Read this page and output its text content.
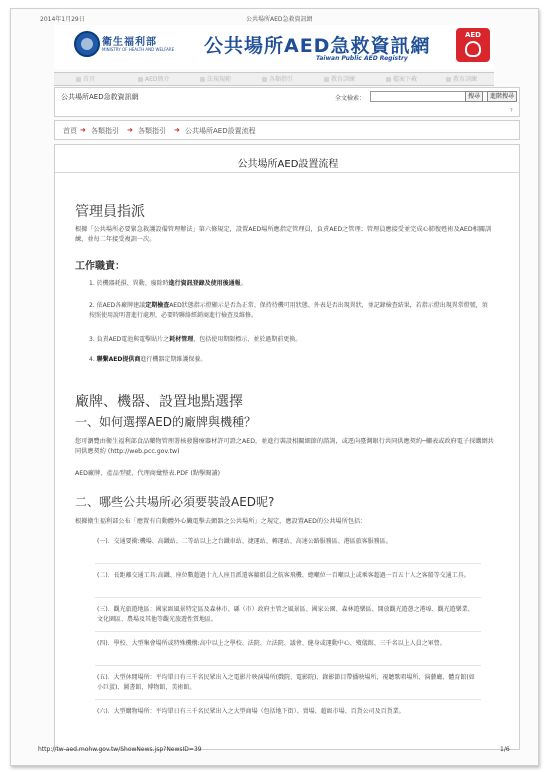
2014年1月29日	公共場所AED急救資訊網
衛生福利部
MINISTRY OF HEALTH AND WELFARE 公共場所AED急救資訊網
Taiwan Public AED Registry
AED
首頁	AED簡介	法規規範	各類指引	教育訓練	檔案下載	教育訓練
公共場所AED急救資訊網	全文檢索：	搜尋	進階搜尋
?
首頁 ➜ 各類指引 ➜ 各類指引 ➜ 公共場所AED設置流程
公共場所AED設置流程
管理員指派
根據「公共場所必要緊急救護設備管理辦法」第六條規定，設置AED場所應指定管理員，負責AED之管理；管理員應接受並完成心肺復甦術及AED相關訓練，並每二年接受複訓一次。
工作職責：
1. 於機器耗損、異動、廢除時進行資訊登錄及使用後通報。
2. 依AED各廠牌建議定期檢查AED狀態指示燈顯示是否為正常、保持待機可用狀態、外表是否出現異狀，並記錄檢查結果，若指示燈出現異常燈號，須按照使用說明書進行處理，必要時聯絡經銷商進行檢查及維修。
3. 負責AED電池與電擊貼片之耗材管理，包括使用期限標示，並於過期前更換。
4. 聯繫AED提供商進行機器定期維護保養。
廠牌、機器、設置地點選擇
一、如何選擇AED的廠牌與機種？
您可瀏覽由衛生福利部食品藥物管理署核發醫療器材許可證之AED，並進行裝設相關細節的諮詢，或逕向臺灣銀行共同供應契約─欄表或政府電子採購網共同供應契約 (http://web.pcc.gov.tw)
AED廠牌、產品型號、代理商彙整表.PDF (點擊閱讀)
二、哪些公共場所必須要裝設AED呢?
根據衛生福利部公布「應置有自動體外心臟電擊去顫器之公共場所」之規定，應設置AED的公共場所包括：
(一)．交通要衝:機場、高鐵站、二等站以上之台鐵車站、捷運站、轉運站、高速公路服務區、港區旅客服務區。
(二)．長距離交通工具:高鐵、座位數超過十九人座且派遣客艙組員之航客飛機、總噸位一百噸以上或乘客超過一百五十人之客船等交通工具。
(三)．觀光旅遊地區：國家級風景特定區及森林市、縣（市）政府主管之風景區、國家公園、森林遊樂區、開放觀光遊憩之港埠、觀光遊樂業、文化園區、農場及其他等觀光旅遊性質地區。
(四)．學校、大型集會場所或特殊機構:高中以上之學校、法院、立法院、議會、健身或運動中心、殯儀館、三千名以上人員之軍營。
(五)．大型休閒場所：平均單日有三千名民眾出入之電影片映演場所(戲院、電影院)、錄影節目帶播映場所、視聽歌唱場所、演藝廳、體育館(如小巨蛋)、圖書館、博物館、美術館。
(六)．大型購物場所：平均單日有三千名民眾出入之大型商場（包括地下街）、賣場、超級市場、百貨公司及百貨業。
http://tw-aed.mohw.gov.tw/ShowNews.jsp?NewsID=39	1/6
